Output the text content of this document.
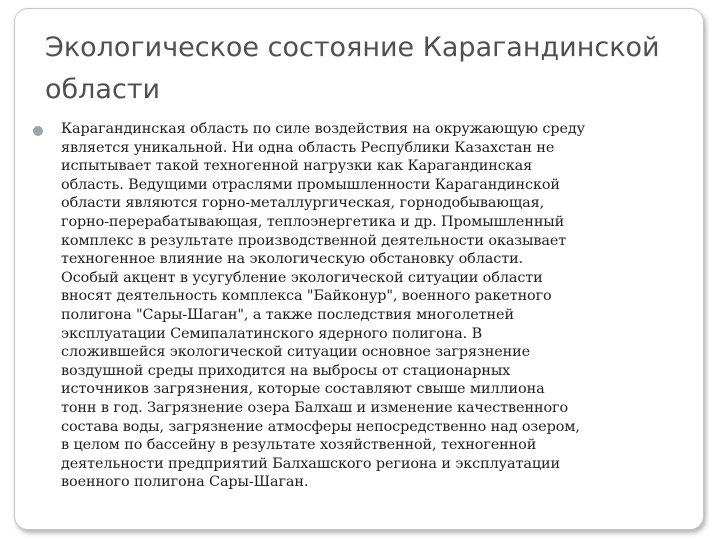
Экологическое состояние Карагандинской
области
Карагандинская область по силе воздействия на окружающую среду
является уникальной. Ни одна область Республики Казахстан не
испытывает такой техногенной нагрузки как Карагандинская
область. Ведущими отраслями промышленности Карагандинской
области являются горно-металлургическая, горнодобывающая,
горно-перерабатывающая, теплоэнергетика и др. Промышленный
комплекс в результате производственной деятельности оказывает
техногенное влияние на экологическую обстановку области.
Особый акцент в усугубление экологической ситуации области
вносят деятельность комплекса "Байконур", военного ракетного
полигона "Сары-Шаган", а также последствия многолетней
эксплуатации Семипалатинского ядерного полигона. В
сложившейся экологической ситуации основное загрязнение
воздушной среды приходится на выбросы от стационарных
источников загрязнения, которые составляют свыше миллиона
тонн в год. Загрязнение озера Балхаш и изменение качественного
состава воды, загрязнение атмосферы непосредственно над озером,
в целом по бассейну в результате хозяйственной, техногенной
деятельности предприятий Балхашского региона и эксплуатации
военного полигона Сары-Шаган.
